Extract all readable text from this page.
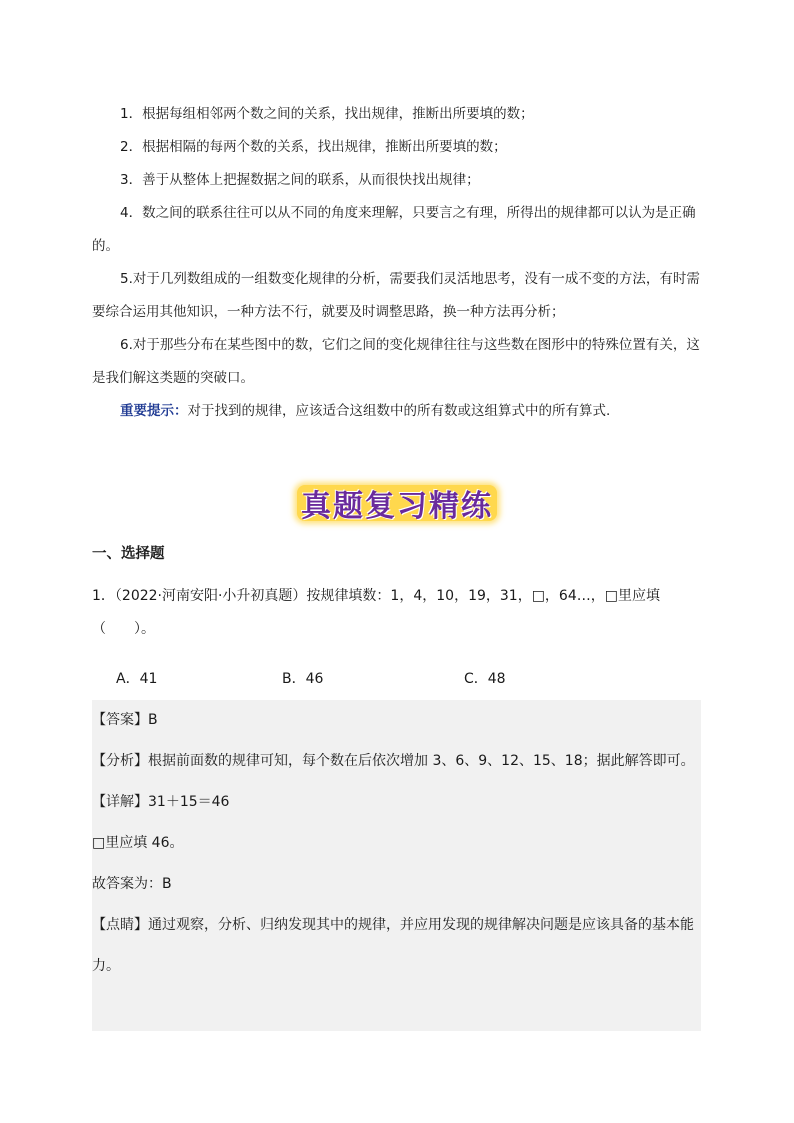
1．根据每组相邻两个数之间的关系，找出规律，推断出所要填的数；

2．根据相隔的每两个数的关系，找出规律，推断出所要填的数；

3．善于从整体上把握数据之间的联系，从而很快找出规律；

4．数之间的联系往往可以从不同的角度来理解，只要言之有理，所得出的规律都可以认为是正确的。

5.对于几列数组成的一组数变化规律的分析，需要我们灵活地思考，没有一成不变的方法，有时需要综合运用其他知识，一种方法不行，就要及时调整思路，换一种方法再分析；

6.对于那些分布在某些图中的数，它们之间的变化规律往往与这些数在图形中的特殊位置有关，这是我们解这类题的突破口。

重要提示：对于找到的规律，应该适合这组数中的所有数或这组算式中的所有算式.

真题复习精练
一、选择题
1．（2022·河南安阳·小升初真题）按规律填数：1，4，10，19，31，□，64…，□里应填（　　）。
A．41	B．46	C．48

【答案】B

【分析】根据前面数的规律可知，每个数在后依次增加 3、6、9、12、15、18；据此解答即可。

【详解】31＋15＝46

□里应填 46。

故答案为：B

【点睛】通过观察，分析、归纳发现其中的规律，并应用发现的规律解决问题是应该具备的基本能力。
